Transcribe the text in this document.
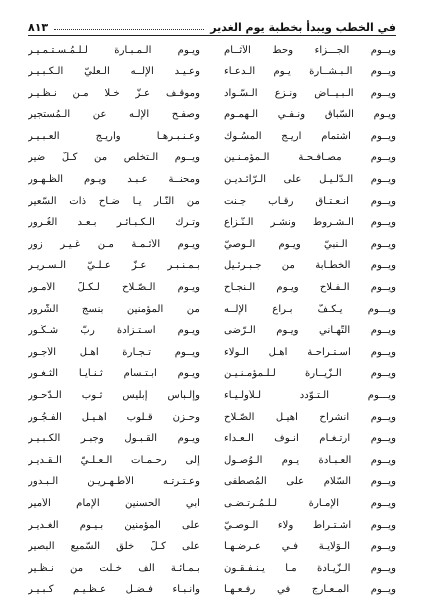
في الخطب ويبدأ بخطبة يوم الغدير
٨١٣
ويــوم الجـــزاء وحطّ الآثــام
ويـوم الـمـبـارة لـلـمُـسـتـمـيـر
ويــوم الـبـشــارة يـوم الـدعـاء
وعـيـد الإلــه الـعليّ الـكـبـيـر
ويــوم الـبـيــاض ونـزع الـسّـواد
وموقـف عـزّ خـلا مـن نـظـيـر
ويـوم السّباق ونـفـي الـهمـوم
وصفـح الإلـه عن الـمُستجير
ويــوم اشتمام أريـج المسُـوك
وعـنـبـرهـا وأريـج العـبـيـر
ويــوم مصـافـحـة الـمؤمـنـين
ويــوم الـتخلّص من كـلّ ضير
ويــوم الـدّلـيـل على الـرّائـديـن
ومحنــة عـبـد ويـوم الظّـهـور
ويــوم انـعـتـاق رقـاب جـنت
من النّـار يـا ضـاح ذات السّعير
ويــوم الـشـروط ونشـر الـنّـزاع
وتـرك الـكـبـائـر بـعـد الغُـرور
ويــوم الـنبيّ ويـوم الـوصيّ
ويـوم الأئـمـة مـن غـيـر زور
ويــوم الخطـابة من جـبـرئـيل
بـمـنـبـر عـزّ عـلـيّ الـسـريـر
ويــوم الـفـلاح ويـوم الـنجـاح
ويـوم الـصّـلاح لـكـلّ الأمـور
ويـــوم يـكـفّ بـراع الإلــه
من المؤمنين بنسج الشّرور
ويــوم التّهـاني ويـوم الـرّضى
ويـوم اسـتـزادة ربّ شـكُـور
ويــوم اسـتـراحـة أهـل الـولاء
ويــوم تـجـارة أهـل الأجـور
ويــوم الـزّيــارة لـلـمؤمـنـيـن
ويـوم ابـتـسام ثـنـايـا الثـغـور
ويـــوم الـتـوّدد لـلأولـيـاء
وإلـباس إبليس ثـوب الـدّحـور
ويــوم انشراح أهيـل الصّـلاح
وحـزن قـلوب أهـيـل الفـجُـور
ويــوم ارتـغـام أنـوف الـعـداء
ويـوم القـبـول وجبـر الكـبـيـر
ويــوم العـبـادة يـوم الـوُصـول
إلى رحـمـات الـعـلـيّ الـقـديـر
ويــوم السّلام على المُصطفى
وعـتـرتـه الأطـهـريـن الـبـدور
ويــوم الإمـارة لـلـمُـرتـضـى
أبي الحسنين الإمام الأمير
ويــوم اشـتـراط ولاء الـوصـيّ
على المؤمنين بـيـوم الغـديـر
ويــوم الـوَلايـة فـي عـرضـهـا
على كـلّ خلق السّميع البصير
ويــوم الـزّيـادة مـا يـنـفـقـون
بـمـائـة ألف خـلت من نـظـير
ويــوم المـعـارج في رفـعـهـا
وأنـبـاء فـضـل عـظـيـم كـبـيـر
